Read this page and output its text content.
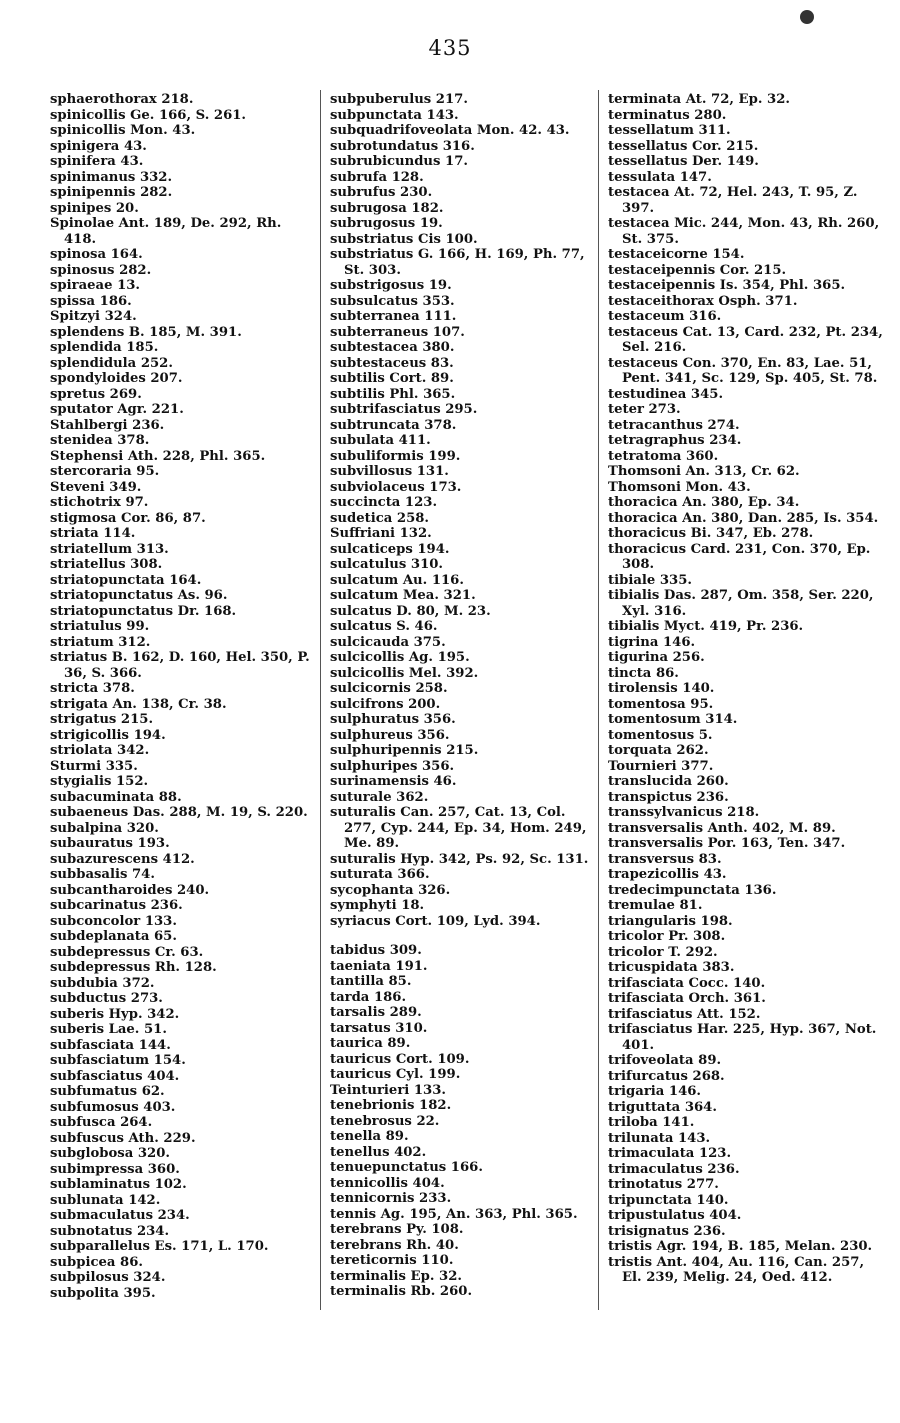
435
sphaerothorax 218.
spinicollis Ge. 166, S. 261.
spinicollis Mon. 43.
spinigera 43.
spinifera 43.
spinimanus 332.
spinipennis 282.
spinipes 20.
Spinolae Ant. 189, De. 292, Rh. 418.
spinosa 164.
spinosus 282.
spiraeae 13.
spissa 186.
Spitzyi 324.
splendens B. 185, M. 391.
splendida 185.
splendidula 252.
spondyloides 207.
spretus 269.
sputator Agr. 221.
Stahlbergi 236.
stenidea 378.
Stephensi Ath. 228, Phl. 365.
stercoraria 95.
Steveni 349.
stichotrix 97.
stigmosa Cor. 86, 87.
striata 114.
striatellum 313.
striatellus 308.
striatopunctata 164.
striatopunctatus As. 96.
striatopunctatus Dr. 168.
striatulus 99.
striatum 312.
striatus B. 162, D. 160, Hel. 350, P. 36, S. 366.
stricta 378.
strigata An. 138, Cr. 38.
strigatus 215.
strigicollis 194.
striolata 342.
Sturmi 335.
stygialis 152.
subacuminata 88.
subaeneus Das. 288, M. 19, S. 220.
subalpina 320.
subauratus 193.
subazurescens 412.
subbasalis 74.
subcantharoides 240.
subcarinatus 236.
subconcolor 133.
subdeplanata 65.
subdepressus Cr. 63.
subdepressus Rh. 128.
subdubia 372.
subductus 273.
suberis Hyp. 342.
suberis Lae. 51.
subfasciata 144.
subfasciatum 154.
subfasciatus 404.
subfumatus 62.
subfumosus 403.
subfusca 264.
subfuscus Ath. 229.
subglobosa 320.
subimpressa 360.
sublaminatus 102.
sublunata 142.
submaculatus 234.
subnotatus 234.
subparallelus Es. 171, L. 170.
subpicea 86.
subpilosus 324.
subpolita 395.
subpuberulus 217.
subpunctata 143.
subquadrifoveolata Mon. 42. 43.
subrotundatus 316.
subrubicundus 17.
subrufa 128.
subrufus 230.
subrugosa 182.
subrugosus 19.
substriatus Cis 100.
substriatus G. 166, H. 169, Ph. 77, St. 303.
substrigosus 19.
subsulcatus 353.
subterranea 111.
subterraneus 107.
subtestacea 380.
subtestaceus 83.
subtilis Cort. 89.
subtilis Phl. 365.
subtrifasciatus 295.
subtruncata 378.
subulata 411.
subuliformis 199.
subvillosus 131.
subviolaceus 173.
succincta 123.
sudetica 258.
Suffriani 132.
sulcaticeps 194.
sulcatulus 310.
sulcatum Au. 116.
sulcatum Mea. 321.
sulcatus D. 80, M. 23.
sulcatus S. 46.
sulcicauda 375.
sulcicollis Ag. 195.
sulcicollis Mel. 392.
sulcicornis 258.
sulcifrons 200.
sulphuratus 356.
sulphureus 356.
sulphuripennis 215.
sulphuripes 356.
surinamensis 46.
suturale 362.
suturalis Can. 257, Cat. 13, Col. 277, Cyp. 244, Ep. 34, Hom. 249, Me. 89.
suturalis Hyp. 342, Ps. 92, Sc. 131.
suturata 366.
sycophanta 326.
symphyti 18.
syriacus Cort. 109, Lyd. 394.
tabidus 309.
taeniata 191.
tantilla 85.
tarda 186.
tarsalis 289.
tarsatus 310.
taurica 89.
tauricus Cort. 109.
tauricus Cyl. 199.
Teinturieri 133.
tenebrionis 182.
tenebrosus 22.
tenella 89.
tenellus 402.
tenuepunctatus 166.
tennicollis 404.
tennicornis 233.
tennis Ag. 195, An. 363, Phl. 365.
terebrans Py. 108.
terebrans Rh. 40.
tereticornis 110.
terminalis Ep. 32.
terminalis Rb. 260.
terminata At. 72, Ep. 32.
terminatus 280.
tessellatum 311.
tessellatus Cor. 215.
tessellatus Der. 149.
tessulata 147.
testacea At. 72, Hel. 243, T. 95, Z. 397.
testacea Mic. 244, Mon. 43, Rh. 260, St. 375.
testaceicorne 154.
testaceipennis Cor. 215.
testaceipennis Is. 354, Phl. 365.
testaceithorax Osph. 371.
testaceum 316.
testaceus Cat. 13, Card. 232, Pt. 234, Sel. 216.
testaceus Con. 370, En. 83, Lae. 51, Pent. 341, Sc. 129, Sp. 405, St. 78.
testudinea 345.
teter 273.
tetracanthus 274.
tetragraphus 234.
tetratoma 360.
Thomsoni An. 313, Cr. 62.
Thomsoni Mon. 43.
thoracica An. 380, Ep. 34.
thoracica An. 380, Dan. 285, Is. 354.
thoracicus Bi. 347, Eb. 278.
thoracicus Card. 231, Con. 370, Ep. 308.
tibiale 335.
tibialis Das. 287, Om. 358, Ser. 220, Xyl. 316.
tibialis Myct. 419, Pr. 236.
tigrina 146.
tigurina 256.
tincta 86.
tirolensis 140.
tomentosa 95.
tomentosum 314.
tomentosus 5.
torquata 262.
Tournieri 377.
translucida 260.
transpictus 236.
transsylvanicus 218.
transversalis Anth. 402, M. 89.
transversalis Por. 163, Ten. 347.
transversus 83.
trapezicollis 43.
tredecimpunctata 136.
tremulae 81.
triangularis 198.
tricolor Pr. 308.
tricolor T. 292.
tricuspidata 383.
trifasciata Cocc. 140.
trifasciata Orch. 361.
trifasciatus Att. 152.
trifasciatus Har. 225, Hyp. 367, Not. 401.
trifoveolata 89.
trifurcatus 268.
trigaria 146.
triguttata 364.
triloba 141.
trilunata 143.
trimaculata 123.
trimaculatus 236.
trinotatus 277.
tripunctata 140.
tripustulatus 404.
trisignatus 236.
tristis Agr. 194, B. 185, Melan. 230.
tristis Ant. 404, Au. 116, Can. 257, El. 239, Melig. 24, Oed. 412.
